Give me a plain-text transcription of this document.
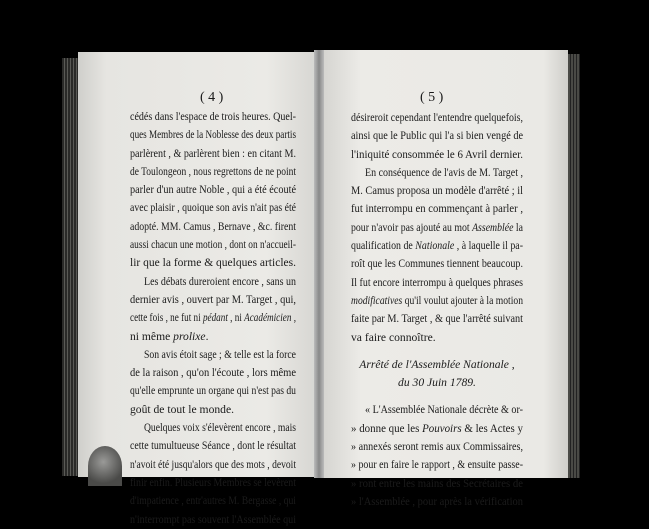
( 4 )
cédés dans l'espace de trois heures. Quel-
ques Membres de la Noblesse des deux partis
parlèrent , & parlèrent bien : en citant M.
de Toulongeon , nous regrettons de ne point
parler d'un autre Noble , qui a été écouté
avec plaisir , quoique son avis n'ait pas été
adopté. MM. Camus , Bernave , &c. firent
aussi chacun une motion , dont on n'accueil-
lir que la forme & quelques articles.
Les débats dureroient encore , sans un
dernier avis , ouvert par M. Target , qui,
cette fois , ne fut ni pédant , ni Académicien ,
ni même prolixe.
Son avis étoit sage ; & telle est la force
de la raison , qu'on l'écoute , lors même
qu'elle emprunte un organe qui n'est pas du
goût de tout le monde.
Quelques voix s'élevèrent encore , mais
cette tumultueuse Séance , dont le résultat
n'avoit été jusqu'alors que des mots , devoit
finir enfin. Plusieurs Membres se levèrent
d'impatience , entr'autres M. Bergasse , qui
n'interrompt pas souvent l'Assemblée qui
( 5 )
désireroit cependant l'entendre quelquefois,
ainsi que le Public qui l'a si bien vengé de
l'iniquité consommée le 6 Avril dernier.
En conséquence de l'avis de M. Target ,
M. Camus proposa un modèle d'arrêté ; il
fut interrompu en commençant à parler ,
pour n'avoir pas ajouté au mot Assemblée la
qualification de Nationale , à laquelle il pa-
roît que les Communes tiennent beaucoup.
Il fut encore interrompu à quelques phrases
modificatives qu'il voulut ajouter à la motion
faite par M. Target , & que l'arrêté suivant
va faire connoître.
Arrêté de l'Assemblée Nationale ,
du 30 Juin 1789.
« L'Assemblée Nationale décrète & or-
» donne que les Pouvoirs & les Actes y
» annexés seront remis aux Commissaires,
» pour en faire le rapport , & ensuite passe-
» ront entre les mains des Secrétaires de
» l'Assemblée , pour après la vérification
